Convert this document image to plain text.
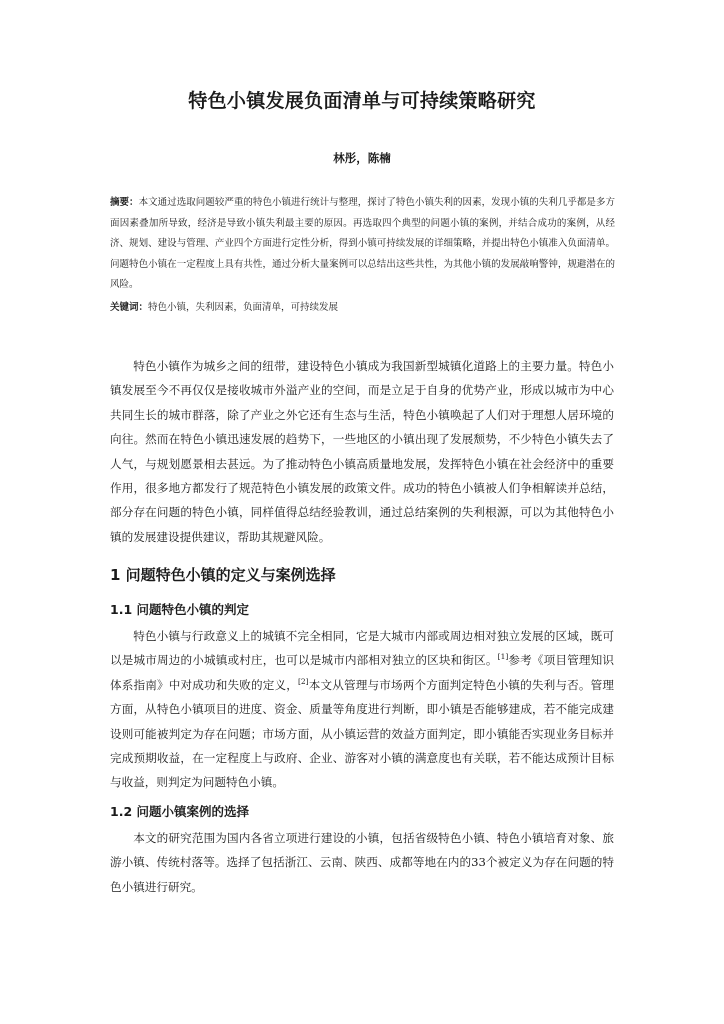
特色小镇发展负面清单与可持续策略研究
林彤，陈楠
摘要：本文通过选取问题较严重的特色小镇进行统计与整理，探讨了特色小镇失利的因素，发现小镇的失利几乎都是多方面因素叠加所导致，经济是导致小镇失利最主要的原因。再选取四个典型的问题小镇的案例，并结合成功的案例，从经济、规划、建设与管理、产业四个方面进行定性分析，得到小镇可持续发展的详细策略，并提出特色小镇准入负面清单。问题特色小镇在一定程度上具有共性，通过分析大量案例可以总结出这些共性，为其他小镇的发展敲响警钟，规避潜在的风险。
关键词：特色小镇，失利因素，负面清单，可持续发展
特色小镇作为城乡之间的纽带，建设特色小镇成为我国新型城镇化道路上的主要力量。特色小镇发展至今不再仅仅是接收城市外溢产业的空间，而是立足于自身的优势产业，形成以城市为中心共同生长的城市群落，除了产业之外它还有生态与生活，特色小镇唤起了人们对于理想人居环境的向往。然而在特色小镇迅速发展的趋势下，一些地区的小镇出现了发展颓势，不少特色小镇失去了人气，与规划愿景相去甚远。为了推动特色小镇高质量地发展，发挥特色小镇在社会经济中的重要作用，很多地方都发行了规范特色小镇发展的政策文件。成功的特色小镇被人们争相解读并总结，部分存在问题的特色小镇，同样值得总结经验教训，通过总结案例的失利根源，可以为其他特色小镇的发展建设提供建议，帮助其规避风险。
1 问题特色小镇的定义与案例选择
1.1 问题特色小镇的判定
特色小镇与行政意义上的城镇不完全相同，它是大城市内部或周边相对独立发展的区域，既可以是城市周边的小城镇或村庄，也可以是城市内部相对独立的区块和街区。[1]参考《项目管理知识体系指南》中对成功和失败的定义，[2]本文从管理与市场两个方面判定特色小镇的失利与否。管理方面，从特色小镇项目的进度、资金、质量等角度进行判断，即小镇是否能够建成，若不能完成建设则可能被判定为存在问题；市场方面，从小镇运营的效益方面判定，即小镇能否实现业务目标并完成预期收益，在一定程度上与政府、企业、游客对小镇的满意度也有关联，若不能达成预计目标与收益，则判定为问题特色小镇。
1.2 问题小镇案例的选择
本文的研究范围为国内各省立项进行建设的小镇，包括省级特色小镇、特色小镇培育对象、旅游小镇、传统村落等。选择了包括浙江、云南、陕西、成都等地在内的33个被定义为存在问题的特色小镇进行研究。
